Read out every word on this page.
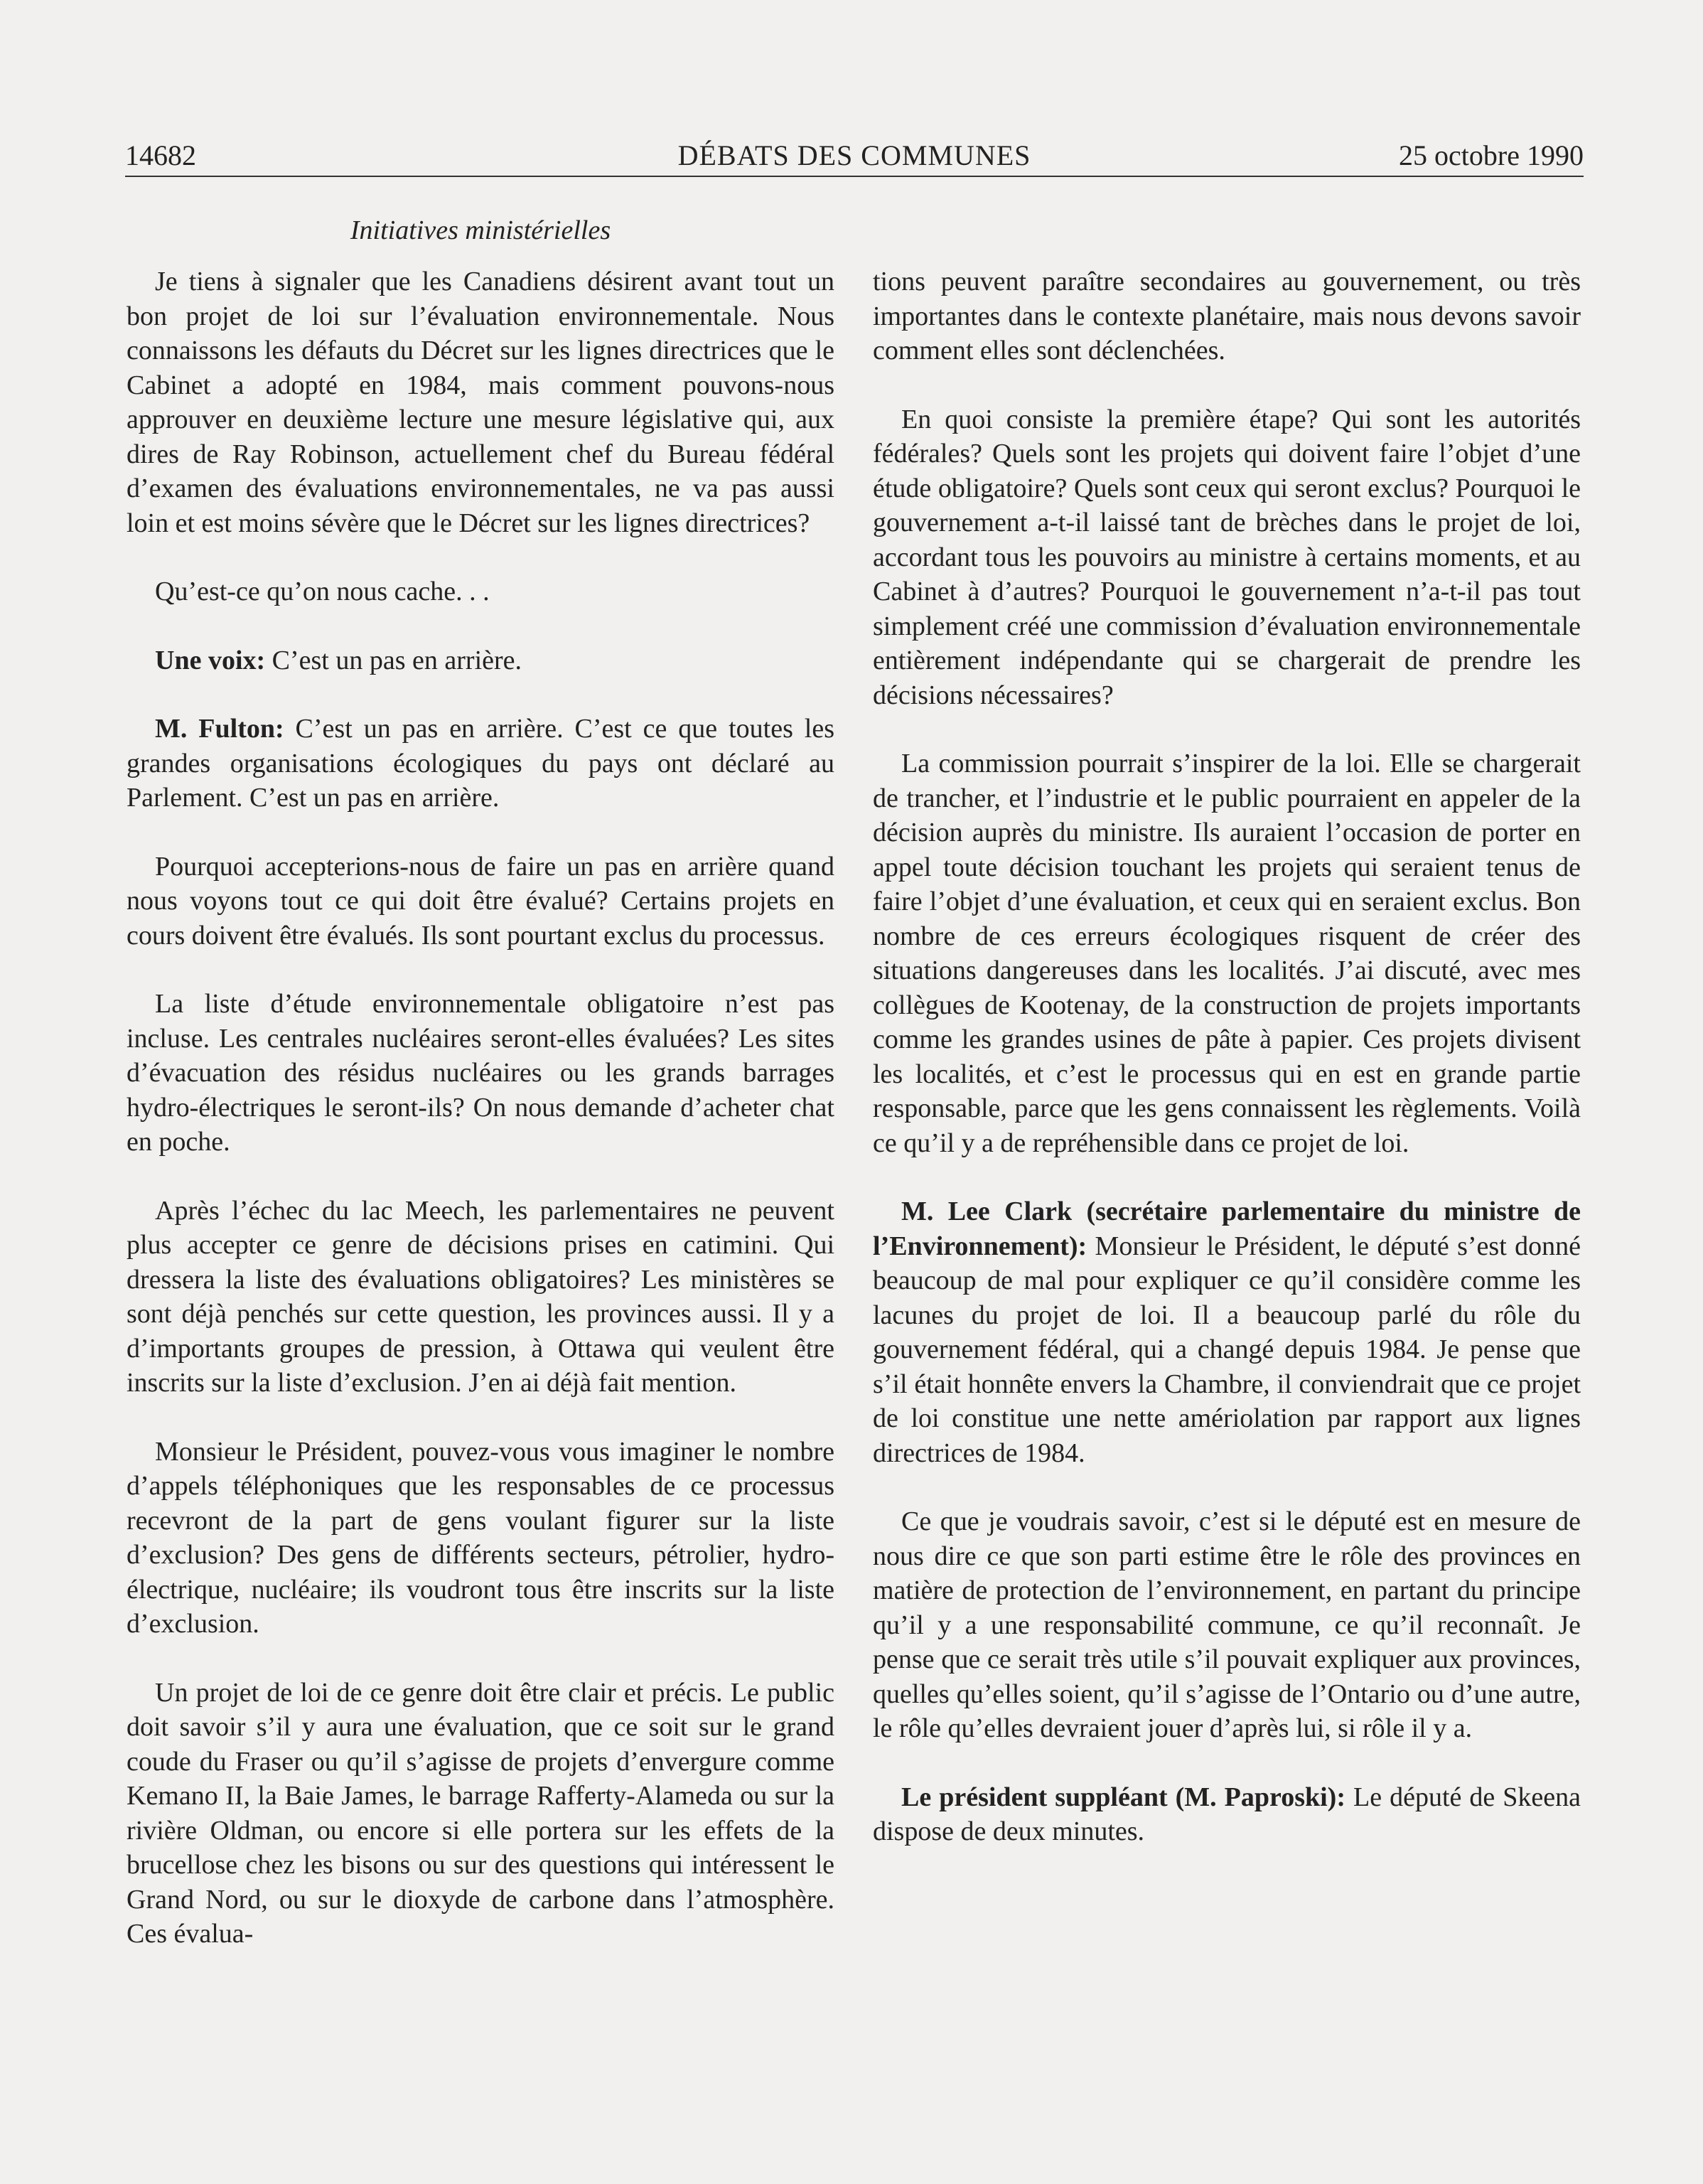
DÉBATS DES COMMUNES
14682	25 octobre 1990
Initiatives ministérielles

Je tiens à signaler que les Canadiens désirent avant tout un bon projet de loi sur l’évaluation environnementale. Nous connaissons les défauts du Décret sur les lignes directrices que le Cabinet a adopté en 1984, mais comment pouvons-nous approuver en deuxième lecture une mesure législative qui, aux dires de Ray Robinson, actuellement chef du Bureau fédéral d’examen des évaluations environnementales, ne va pas aussi loin et est moins sévère que le Décret sur les lignes directrices?

Qu’est-ce qu’on nous cache. . .

Une voix: C’est un pas en arrière.

M. Fulton: C’est un pas en arrière. C’est ce que toutes les grandes organisations écologiques du pays ont déclaré au Parlement. C’est un pas en arrière.

Pourquoi accepterions-nous de faire un pas en arrière quand nous voyons tout ce qui doit être évalué? Certains projets en cours doivent être évalués. Ils sont pourtant exclus du processus.

La liste d’étude environnementale obligatoire n’est pas incluse. Les centrales nucléaires seront-elles évaluées? Les sites d’évacuation des résidus nucléaires ou les grands barrages hydro-électriques le seront-ils? On nous demande d’acheter chat en poche.

Après l’échec du lac Meech, les parlementaires ne peuvent plus accepter ce genre de décisions prises en catimini. Qui dressera la liste des évaluations obligatoires? Les ministères se sont déjà penchés sur cette question, les provinces aussi. Il y a d’importants groupes de pression, à Ottawa qui veulent être inscrits sur la liste d’exclusion. J’en ai déjà fait mention.

Monsieur le Président, pouvez-vous vous imaginer le nombre d’appels téléphoniques que les responsables de ce processus recevront de la part de gens voulant figurer sur la liste d’exclusion? Des gens de différents secteurs, pétrolier, hydro-électrique, nucléaire; ils voudront tous être inscrits sur la liste d’exclusion.

Un projet de loi de ce genre doit être clair et précis. Le public doit savoir s’il y aura une évaluation, que ce soit sur le grand coude du Fraser ou qu’il s’agisse de projets d’envergure comme Kemano II, la Baie James, le barrage Rafferty-Alameda ou sur la rivière Oldman, ou encore si elle portera sur les effets de la brucellose chez les bisons ou sur des questions qui intéressent le Grand Nord, ou sur le dioxyde de carbone dans l’atmosphère. Ces évalua-

tions peuvent paraître secondaires au gouvernement, ou très importantes dans le contexte planétaire, mais nous devons savoir comment elles sont déclenchées.

En quoi consiste la première étape? Qui sont les autorités fédérales? Quels sont les projets qui doivent faire l’objet d’une étude obligatoire? Quels sont ceux qui seront exclus? Pourquoi le gouvernement a-t-il laissé tant de brèches dans le projet de loi, accordant tous les pouvoirs au ministre à certains moments, et au Cabinet à d’autres? Pourquoi le gouvernement n’a-t-il pas tout simplement créé une commission d’évaluation environnementale entièrement indépendante qui se chargerait de prendre les décisions nécessaires?

La commission pourrait s’inspirer de la loi. Elle se chargerait de trancher, et l’industrie et le public pourraient en appeler de la décision auprès du ministre. Ils auraient l’occasion de porter en appel toute décision touchant les projets qui seraient tenus de faire l’objet d’une évaluation, et ceux qui en seraient exclus. Bon nombre de ces erreurs écologiques risquent de créer des situations dangereuses dans les localités. J’ai discuté, avec mes collègues de Kootenay, de la construction de projets importants comme les grandes usines de pâte à papier. Ces projets divisent les localités, et c’est le processus qui en est en grande partie responsable, parce que les gens connaissent les règlements. Voilà ce qu’il y a de repréhensible dans ce projet de loi.

M. Lee Clark (secrétaire parlementaire du ministre de l’Environnement): Monsieur le Président, le député s’est donné beaucoup de mal pour expliquer ce qu’il considère comme les lacunes du projet de loi. Il a beaucoup parlé du rôle du gouvernement fédéral, qui a changé depuis 1984. Je pense que s’il était honnête envers la Chambre, il conviendrait que ce projet de loi constitue une nette amériolation par rapport aux lignes directrices de 1984.

Ce que je voudrais savoir, c’est si le député est en mesure de nous dire ce que son parti estime être le rôle des provinces en matière de protection de l’environnement, en partant du principe qu’il y a une responsabilité commune, ce qu’il reconnaît. Je pense que ce serait très utile s’il pouvait expliquer aux provinces, quelles qu’elles soient, qu’il s’agisse de l’Ontario ou d’une autre, le rôle qu’elles devraient jouer d’après lui, si rôle il y a.

Le président suppléant (M. Paproski): Le député de Skeena dispose de deux minutes.
